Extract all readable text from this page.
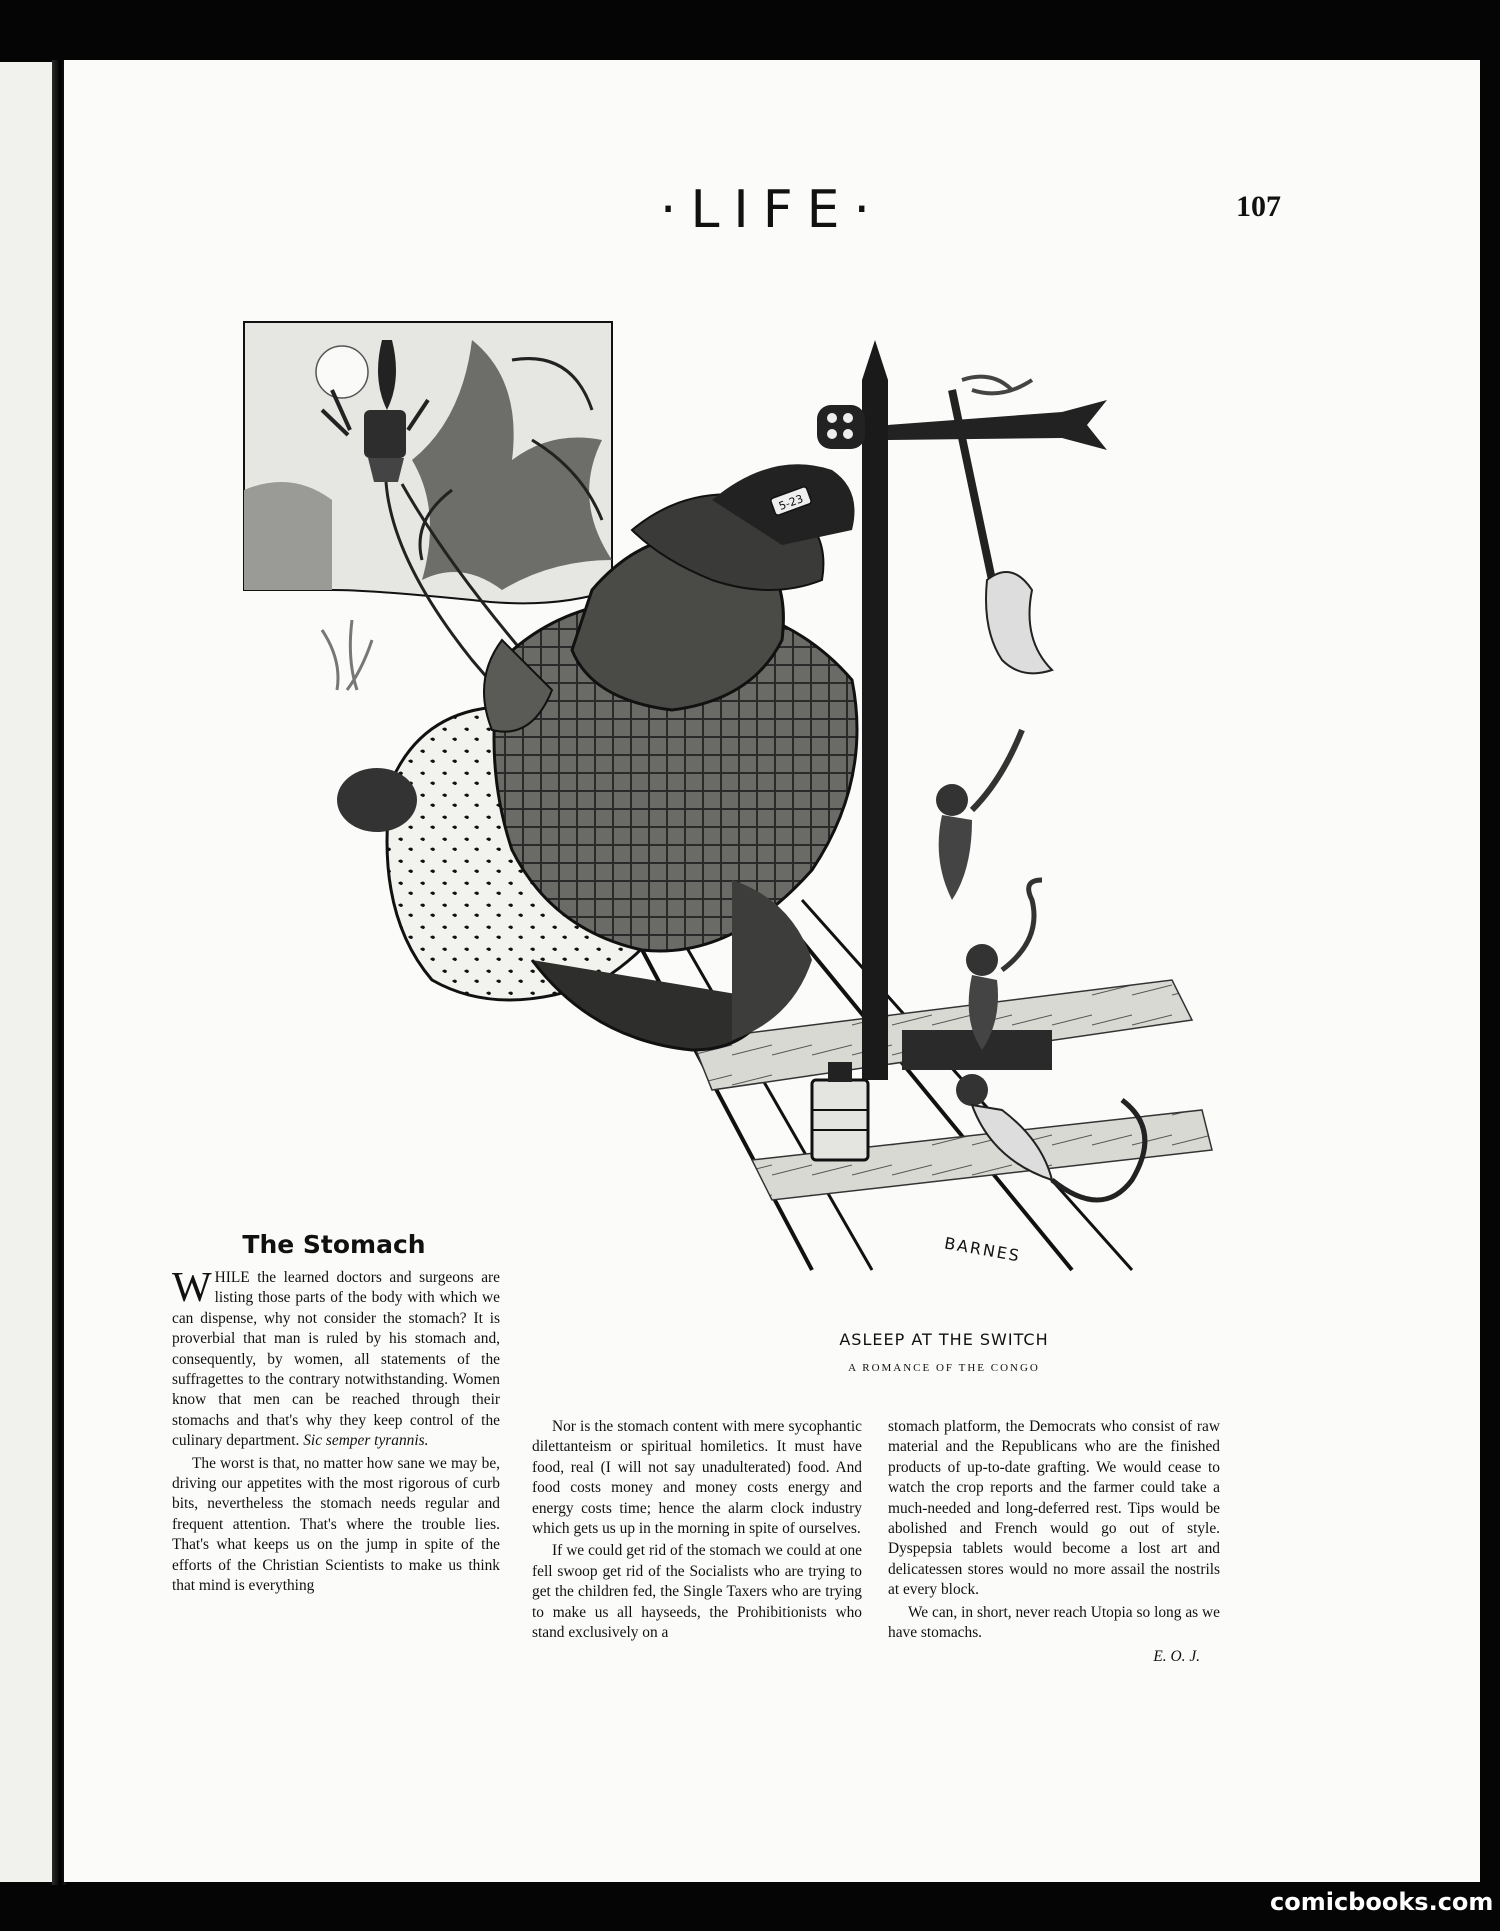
·LIFE·	107
5-23
BARNES
ASLEEP AT THE SWITCH
A ROMANCE OF THE CONGO
The Stomach

WHILE the learned doctors and surgeons are listing those parts of the body with which we can dispense, why not consider the stomach? It is proverbial that man is ruled by his stomach and, consequently, by women, all statements of the suffragettes to the contrary notwithstanding. Women know that men can be reached through their stomachs and that's why they keep control of the culinary department. Sic semper tyrannis.

The worst is that, no matter how sane we may be, driving our appetites with the most rigorous of curb bits, nevertheless the stomach needs regular and frequent attention. That's where the trouble lies. That's what keeps us on the jump in spite of the efforts of the Christian Scientists to make us think that mind is everything

Nor is the stomach content with mere sycophantic dilettanteism or spiritual homiletics. It must have food, real (I will not say unadulterated) food. And food costs money and money costs energy and energy costs time; hence the alarm clock industry which gets us up in the morning in spite of ourselves.

If we could get rid of the stomach we could at one fell swoop get rid of the Socialists who are trying to get the children fed, the Single Taxers who are trying to make us all hayseeds, the Prohibitionists who stand exclusively on a

stomach platform, the Democrats who consist of raw material and the Republicans who are the finished products of up-to-date grafting. We would cease to watch the crop reports and the farmer could take a much-needed and long-deferred rest. Tips would be abolished and French would go out of style. Dyspepsia tablets would become a lost art and delicatessen stores would no more assail the nostrils at every block.

We can, in short, never reach Utopia so long as we have stomachs.

E. O. J.
comicbooks.com
